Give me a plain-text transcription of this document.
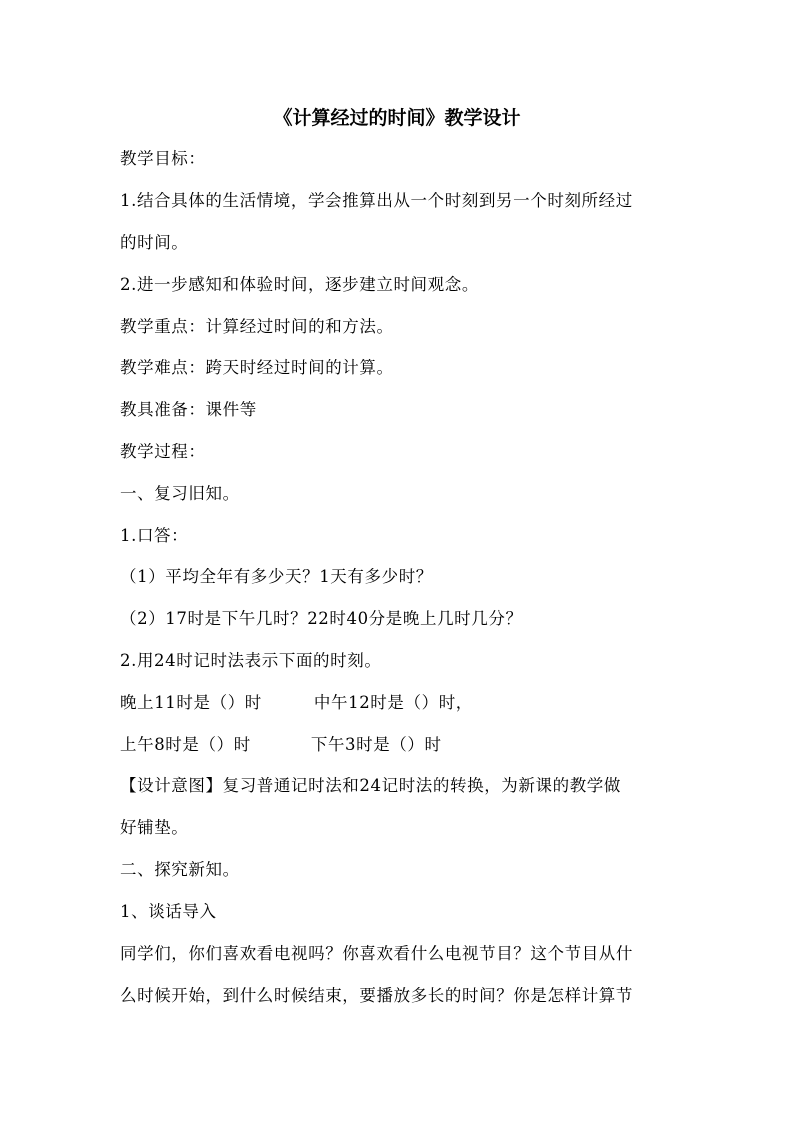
《计算经过的时间》教学设计
教学目标：
1.结合具体的生活情境，学会推算出从一个时刻到另一个时刻所经过
的时间。
2.进一步感知和体验时间，逐步建立时间观念。
教学重点：计算经过时间的和方法。
教学难点：跨天时经过时间的计算。
教具准备：课件等
教学过程：
一、复习旧知。
1.口答：
（1）平均全年有多少天？1天有多少时？
（2）17时是下午几时？22时40分是晚上几时几分？
2.用24时记时法表示下面的时刻。
晚上11时是（）时	中午12时是（）时，
上午8时是（）时	下午3时是（）时
【设计意图】复习普通记时法和24记时法的转换，为新课的教学做
好铺垫。
二、探究新知。
1、谈话导入
同学们，你们喜欢看电视吗？你喜欢看什么电视节目？这个节目从什
么时候开始，到什么时候结束，要播放多长的时间？你是怎样计算节
